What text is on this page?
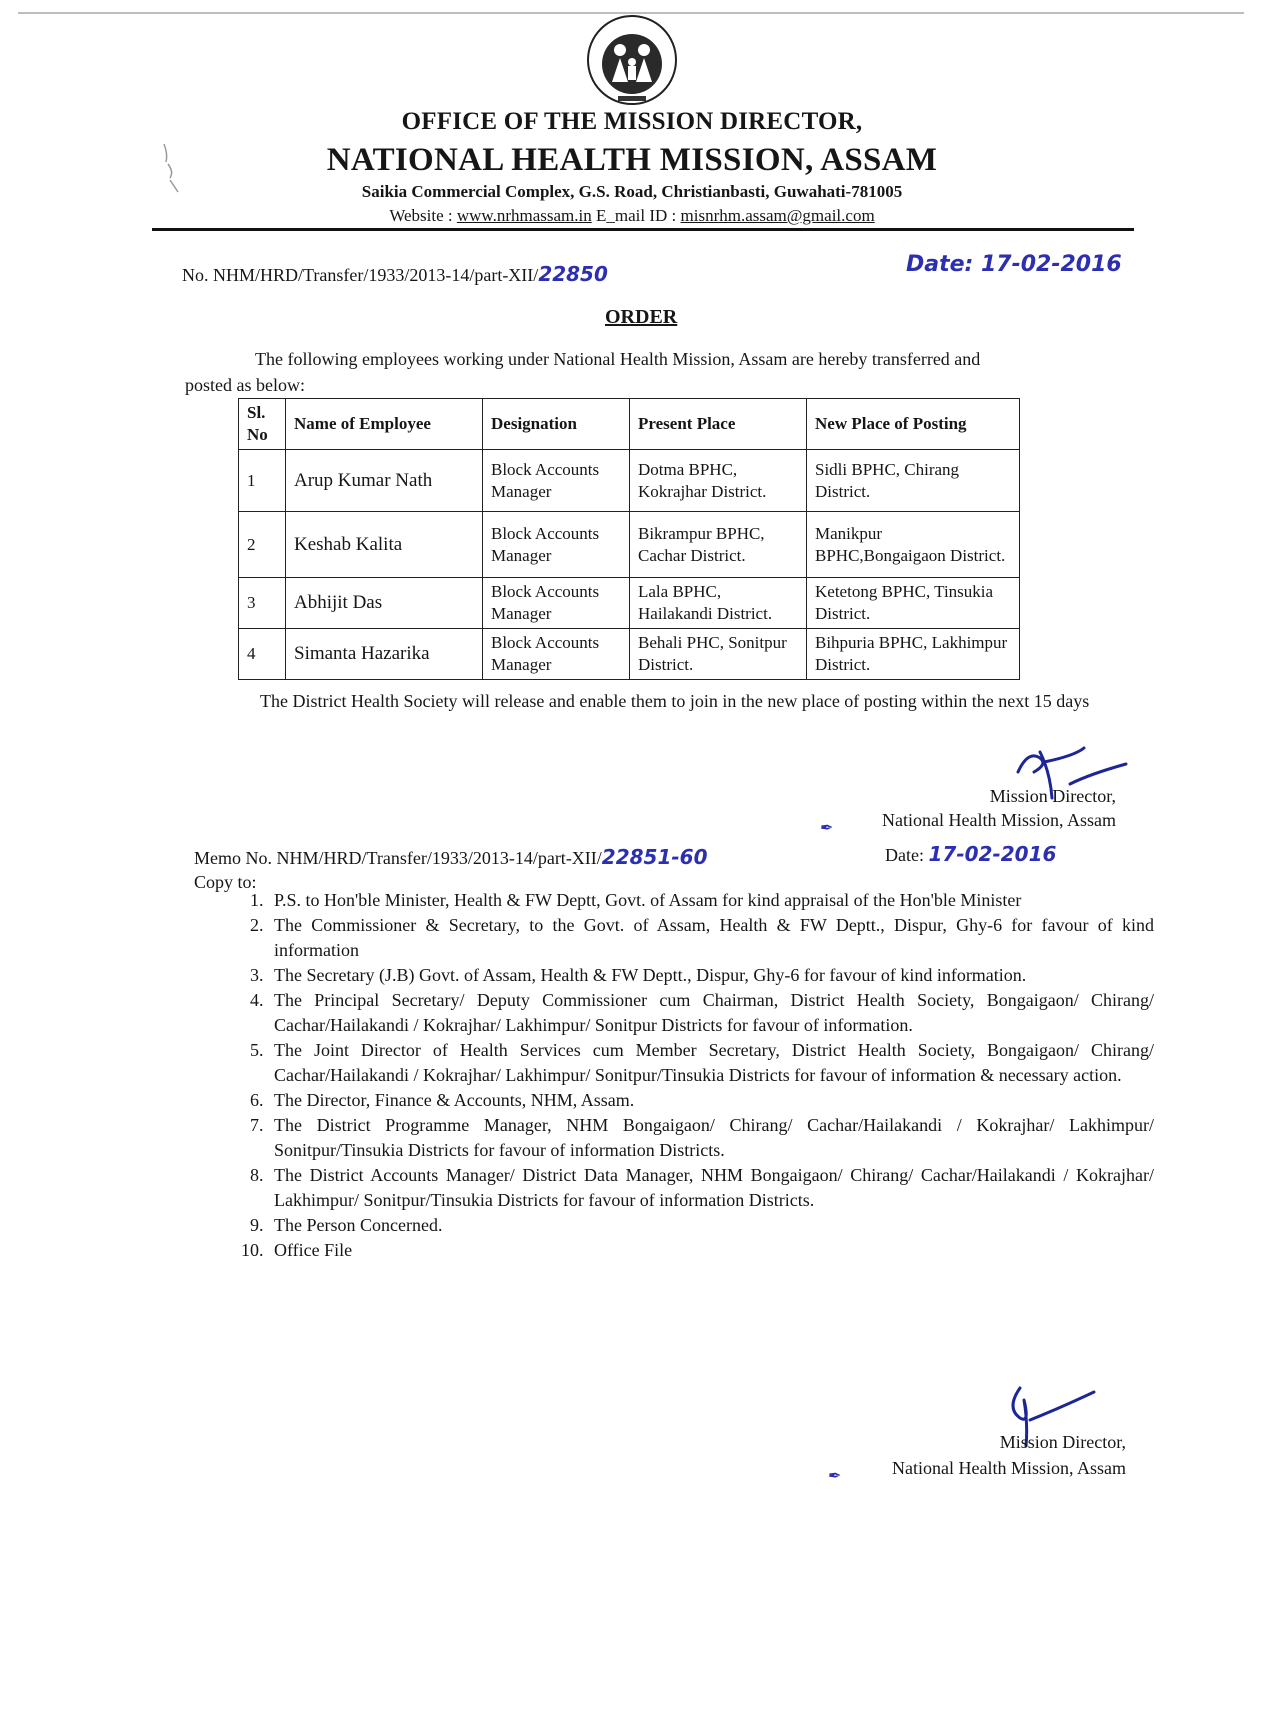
OFFICE OF THE MISSION DIRECTOR,
NATIONAL HEALTH MISSION, ASSAM
Saikia Commercial Complex, G.S. Road, Christianbasti, Guwahati-781005
Website : www.nrhmassam.in E_mail ID : misnrhm.assam@gmail.com
No. NHM/HRD/Transfer/1933/2013-14/part-XII/22850	Date: 17-02-2016
ORDER
The following employees working under National Health Mission, Assam are hereby transferred and posted as below:
Sl. No	Name of Employee	Designation	Present Place	New Place of Posting
1	Arup Kumar Nath	Block Accounts Manager	Dotma BPHC, Kokrajhar District.	Sidli BPHC, Chirang District.
2	Keshab Kalita	Block Accounts Manager	Bikrampur BPHC, Cachar District.	Manikpur BPHC,Bongaigaon District.
3	Abhijit Das	Block Accounts Manager	Lala BPHC, Hailakandi District.	Ketetong BPHC, Tinsukia District.
4	Simanta Hazarika	Block Accounts Manager	Behali PHC, Sonitpur District.	Bihpuria BPHC, Lakhimpur District.
The District Health Society will release and enable them to join in the new place of posting within the next 15 days
Mission Director,
National Health Mission, Assam
✒
Memo No. NHM/HRD/Transfer/1933/2013-14/part-XII/22851-60	Date: 17-02-2016
Copy to:
1. P.S. to Hon'ble Minister, Health & FW Deptt, Govt. of Assam for kind appraisal of the Hon'ble Minister
2. The Commissioner & Secretary, to the Govt. of Assam, Health & FW Deptt., Dispur, Ghy-6 for favour of kind information
3. The Secretary (J.B) Govt. of Assam, Health & FW Deptt., Dispur, Ghy-6 for favour of kind information.
4. The Principal Secretary/ Deputy Commissioner cum Chairman, District Health Society, Bongaigaon/ Chirang/ Cachar/Hailakandi / Kokrajhar/ Lakhimpur/ Sonitpur Districts for favour of information.
5. The Joint Director of Health Services cum Member Secretary, District Health Society, Bongaigaon/ Chirang/ Cachar/Hailakandi / Kokrajhar/ Lakhimpur/ Sonitpur/Tinsukia Districts for favour of information & necessary action.
6. The Director, Finance & Accounts, NHM, Assam.
7. The District Programme Manager, NHM Bongaigaon/ Chirang/ Cachar/Hailakandi / Kokrajhar/ Lakhimpur/ Sonitpur/Tinsukia Districts for favour of information Districts.
8. The District Accounts Manager/ District Data Manager, NHM Bongaigaon/ Chirang/ Cachar/Hailakandi / Kokrajhar/ Lakhimpur/ Sonitpur/Tinsukia Districts for favour of information Districts.
9. The Person Concerned.
10. Office File
Mission Director,
National Health Mission, Assam
✒
